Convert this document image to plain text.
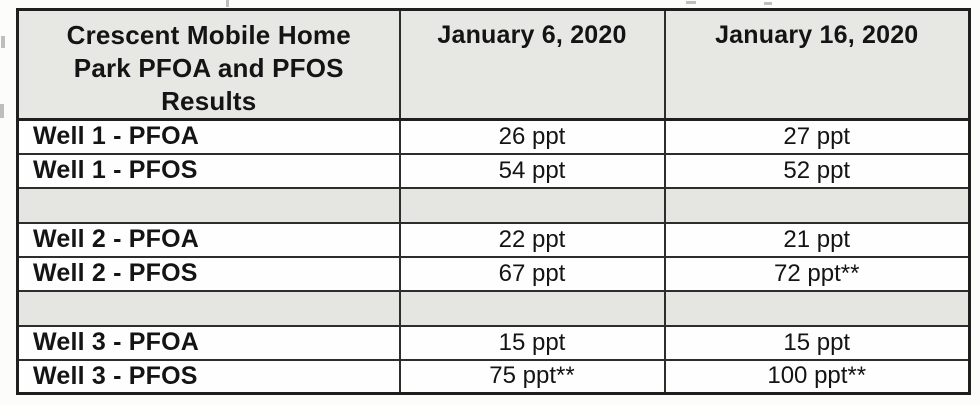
Crescent Mobile Home Park PFOA and PFOS Results	January 6, 2020	January 16, 2020
Well 1 - PFOA	26 ppt	27 ppt
Well 1 - PFOS	54 ppt	52 ppt

Well 2 - PFOA	22 ppt	21 ppt
Well 2 - PFOS	67 ppt	72 ppt**

Well 3 - PFOA	15 ppt	15 ppt
Well 3 - PFOS	75 ppt**	100 ppt**
